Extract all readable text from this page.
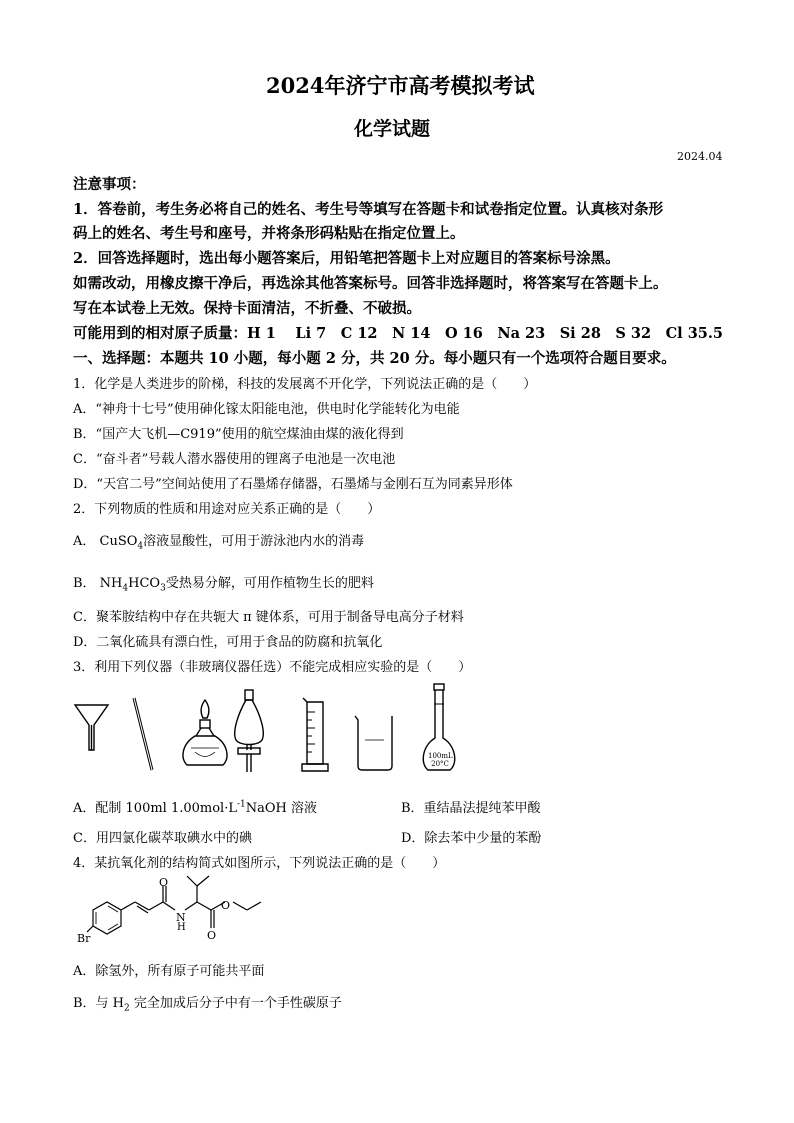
2024年济宁市高考模拟考试
化学试题
2024.04
注意事项：
1．答卷前，考生务必将自己的姓名、考生号等填写在答题卡和试卷指定位置。认真核对条形
码上的姓名、考生号和座号，并将条形码粘贴在指定位置上。
2．回答选择题时，选出每小题答案后，用铅笔把答题卡上对应题目的答案标号涂黑。
如需改动，用橡皮擦干净后，再选涂其他答案标号。回答非选择题时，将答案写在答题卡上。
写在本试卷上无效。保持卡面清洁，不折叠、不破损。
可能用到的相对原子质量：H 1　 Li 7　C 12　N 14　O 16　Na 23　Si 28　S 32　Cl 35.5
一、选择题：本题共 10 小题，每小题 2 分，共 20 分。每小题只有一个选项符合题目要求。
1．化学是人类进步的阶梯，科技的发展离不开化学，下列说法正确的是（　　）
A．“神舟十七号”使用砷化镓太阳能电池，供电时化学能转化为电能
B．“国产大飞机—C919”使用的航空煤油由煤的液化得到
C．“奋斗者”号载人潜水器使用的锂离子电池是一次电池
D．“天宫二号”空间站使用了石墨烯存储器，石墨烯与金刚石互为同素异形体
2．下列物质的性质和用途对应关系正确的是（　　）
A． CuSO$_4$溶液显酸性，可用于游泳池内水的消毒
B． $NH_4HCO_3$受热易分解，可用作植物生长的肥料
C．聚苯胺结构中存在共轭大 π 键体系，可用于制备导电高分子材料
D．二氧化硫具有漂白性，可用于食品的防腐和抗氧化
3．利用下列仪器（非玻璃仪器任选）不能完成相应实验的是（　　）
100mL
20°C
A．配制 100ml $1.00mol\cdot L^{-1}NaOH$ 溶液	B．重结晶法提纯苯甲酸
C．用四氯化碳萃取碘水中的碘	D．除去苯中少量的苯酚
4．某抗氧化剂的结构简式如图所示，下列说法正确的是（　　）
Br
O
N
H
O
O
A．除氢外，所有原子可能共平面
B．与 $H_2$ 完全加成后分子中有一个手性碳原子
